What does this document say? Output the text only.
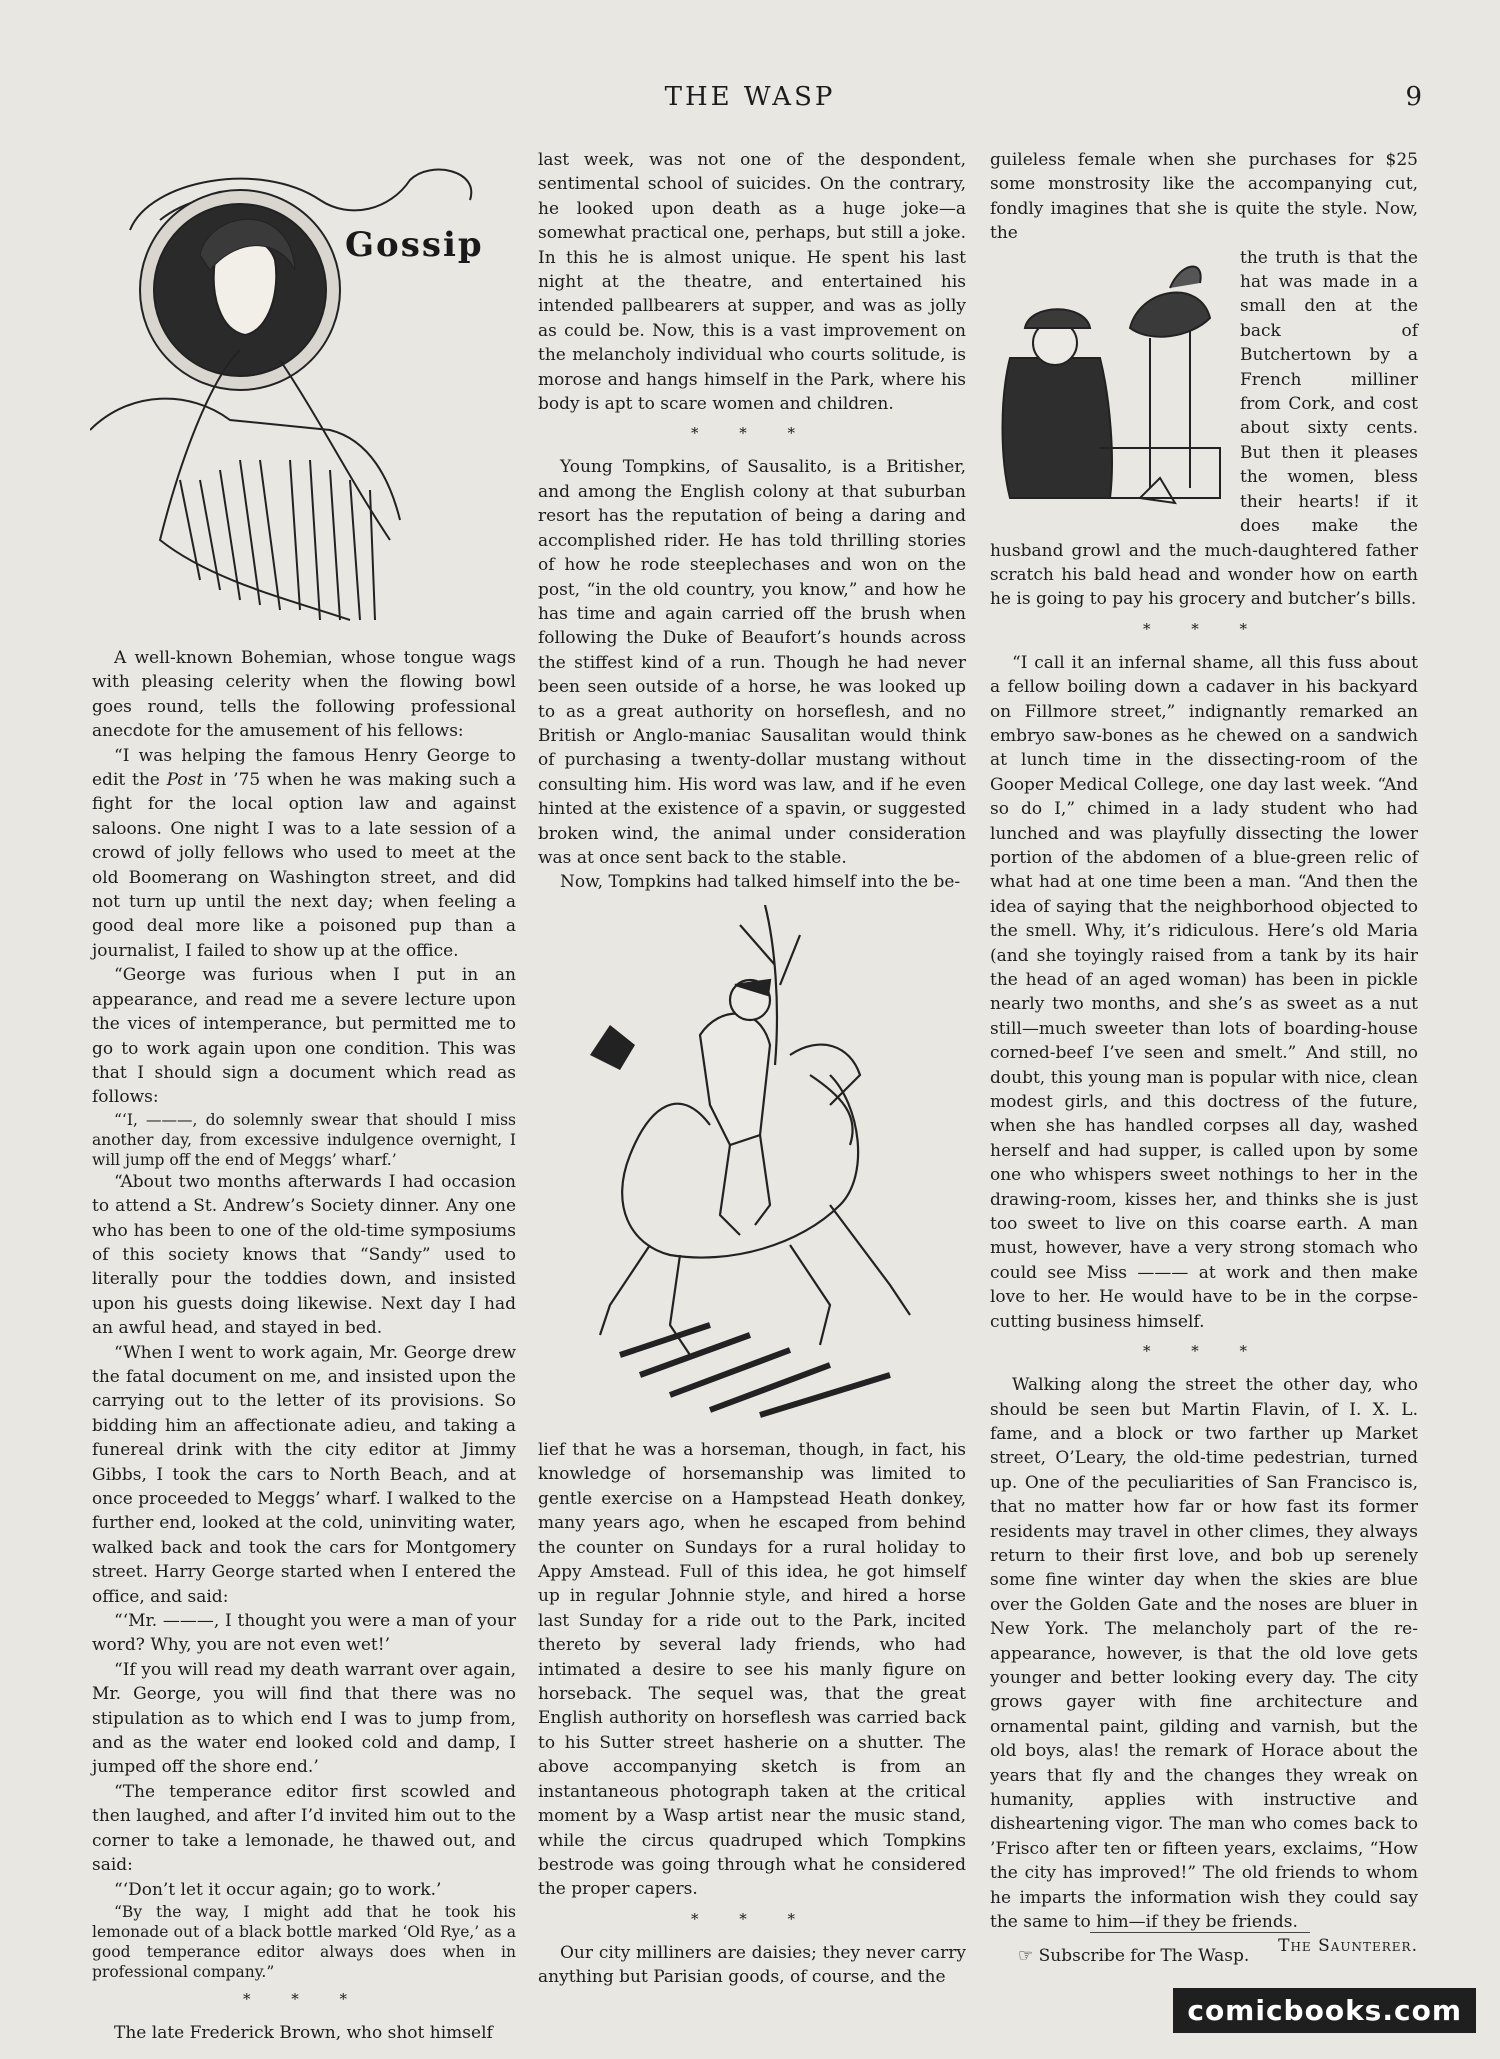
THE WASP	9
Gossip

A well-known Bohemian, whose tongue wags with pleasing celerity when the flowing bowl goes round, tells the following professional anecdote for the amusement of his fellows:

“I was helping the famous Henry George to edit the Post in ’75 when he was making such a fight for the local option law and against saloons. One night I was to a late session of a crowd of jolly fellows who used to meet at the old Boomerang on Washington street, and did not turn up until the next day; when feeling a good deal more like a poisoned pup than a journalist, I failed to show up at the office.

“George was furious when I put in an appearance, and read me a severe lecture upon the vices of intemperance, but permitted me to go to work again upon one condition. This was that I should sign a document which read as follows:

“‘I, ———, do solemnly swear that should I miss another day, from excessive indulgence overnight, I will jump off the end of Meggs’ wharf.’

“About two months afterwards I had occasion to attend a St. Andrew’s Society dinner. Any one who has been to one of the old-time symposiums of this society knows that “Sandy” used to literally pour the toddies down, and insisted upon his guests doing likewise. Next day I had an awful head, and stayed in bed.

“When I went to work again, Mr. George drew the fatal document on me, and insisted upon the carrying out to the letter of its provisions. So bidding him an affectionate adieu, and taking a funereal drink with the city editor at Jimmy Gibbs, I took the cars to North Beach, and at once proceeded to Meggs’ wharf. I walked to the further end, looked at the cold, uninviting water, walked back and took the cars for Montgomery street. Harry George started when I entered the office, and said:

“‘Mr. ———, I thought you were a man of your word? Why, you are not even wet!’

“If you will read my death warrant over again, Mr. George, you will find that there was no stipulation as to which end I was to jump from, and as the water end looked cold and damp, I jumped off the shore end.’

“The temperance editor first scowled and then laughed, and after I’d invited him out to the corner to take a lemonade, he thawed out, and said:

“‘Don’t let it occur again; go to work.’

“By the way, I might add that he took his lemonade out of a black bottle marked ‘Old Rye,’ as a good temperance editor always does when in professional company.”

* * *

The late Frederick Brown, who shot himself

last week, was not one of the despondent, sentimental school of suicides. On the contrary, he looked upon death as a huge joke—a somewhat practical one, perhaps, but still a joke. In this he is almost unique. He spent his last night at the theatre, and entertained his intended pallbearers at supper, and was as jolly as could be. Now, this is a vast improvement on the melancholy individual who courts solitude, is morose and hangs himself in the Park, where his body is apt to scare women and children.

* * *

Young Tompkins, of Sausalito, is a Britisher, and among the English colony at that suburban resort has the reputation of being a daring and accomplished rider. He has told thrilling stories of how he rode steeplechases and won on the post, “in the old country, you know,” and how he has time and again carried off the brush when following the Duke of Beaufort’s hounds across the stiffest kind of a run. Though he had never been seen outside of a horse, he was looked up to as a great authority on horseflesh, and no British or Anglo-maniac Sausalitan would think of purchasing a twenty-dollar mustang without consulting him. His word was law, and if he even hinted at the existence of a spavin, or suggested broken wind, the animal under consideration was at once sent back to the stable.

Now, Tompkins had talked himself into the be-

lief that he was a horseman, though, in fact, his knowledge of horsemanship was limited to gentle exercise on a Hampstead Heath donkey, many years ago, when he escaped from behind the counter on Sundays for a rural holiday to Appy Amstead. Full of this idea, he got himself up in regular Johnnie style, and hired a horse last Sunday for a ride out to the Park, incited thereto by several lady friends, who had intimated a desire to see his manly figure on horseback. The sequel was, that the great English authority on horseflesh was carried back to his Sutter street hasherie on a shutter. The above accompanying sketch is from an instantaneous photograph taken at the critical moment by a Wasp artist near the music stand, while the circus quadruped which Tompkins bestrode was going through what he considered the proper capers.

* * *

Our city milliners are daisies; they never carry anything but Parisian goods, of course, and the

guileless female when she purchases for $25 some monstrosity like the accompanying cut, fondly imagines that she is quite the style. Now, the

the truth is that the hat was made in a small den at the back of Butchertown by a French milliner from Cork, and cost about sixty cents. But then it pleases the women, bless their hearts! if it does make the husband growl and the much-daughtered father scratch his bald head and wonder how on earth he is going to pay his grocery and butcher’s bills.

* * *

“I call it an infernal shame, all this fuss about a fellow boiling down a cadaver in his backyard on Fillmore street,” indignantly remarked an embryo saw-bones as he chewed on a sandwich at lunch time in the dissecting-room of the Gooper Medical College, one day last week. “And so do I,” chimed in a lady student who had lunched and was playfully dissecting the lower portion of the abdomen of a blue-green relic of what had at one time been a man. “And then the idea of saying that the neighborhood objected to the smell. Why, it’s ridiculous. Here’s old Maria (and she toyingly raised from a tank by its hair the head of an aged woman) has been in pickle nearly two months, and she’s as sweet as a nut still—much sweeter than lots of boarding-house corned-beef I’ve seen and smelt.” And still, no doubt, this young man is popular with nice, clean modest girls, and this doctress of the future, when she has handled corpses all day, washed herself and had supper, is called upon by some one who whispers sweet nothings to her in the drawing-room, kisses her, and thinks she is just too sweet to live on this coarse earth. A man must, however, have a very strong stomach who could see Miss ——— at work and then make love to her. He would have to be in the corpse-cutting business himself.

* * *

Walking along the street the other day, who should be seen but Martin Flavin, of I. X. L. fame, and a block or two farther up Market street, O’Leary, the old-time pedestrian, turned up. One of the peculiarities of San Francisco is, that no matter how far or how fast its former residents may travel in other climes, they always return to their first love, and bob up serenely some fine winter day when the skies are blue over the Golden Gate and the noses are bluer in New York. The melancholy part of the re-appearance, however, is that the old love gets younger and better looking every day. The city grows gayer with fine architecture and ornamental paint, gilding and varnish, but the old boys, alas! the remark of Horace about the years that fly and the changes they wreak on humanity, applies with instructive and disheartening vigor. The man who comes back to ’Frisco after ten or fifteen years, exclaims, “How the city has improved!” The old friends to whom he imparts the information wish they could say the same to him—if they be friends.

The Saunterer.
☞ Subscribe for The Wasp.
comicbooks.com
